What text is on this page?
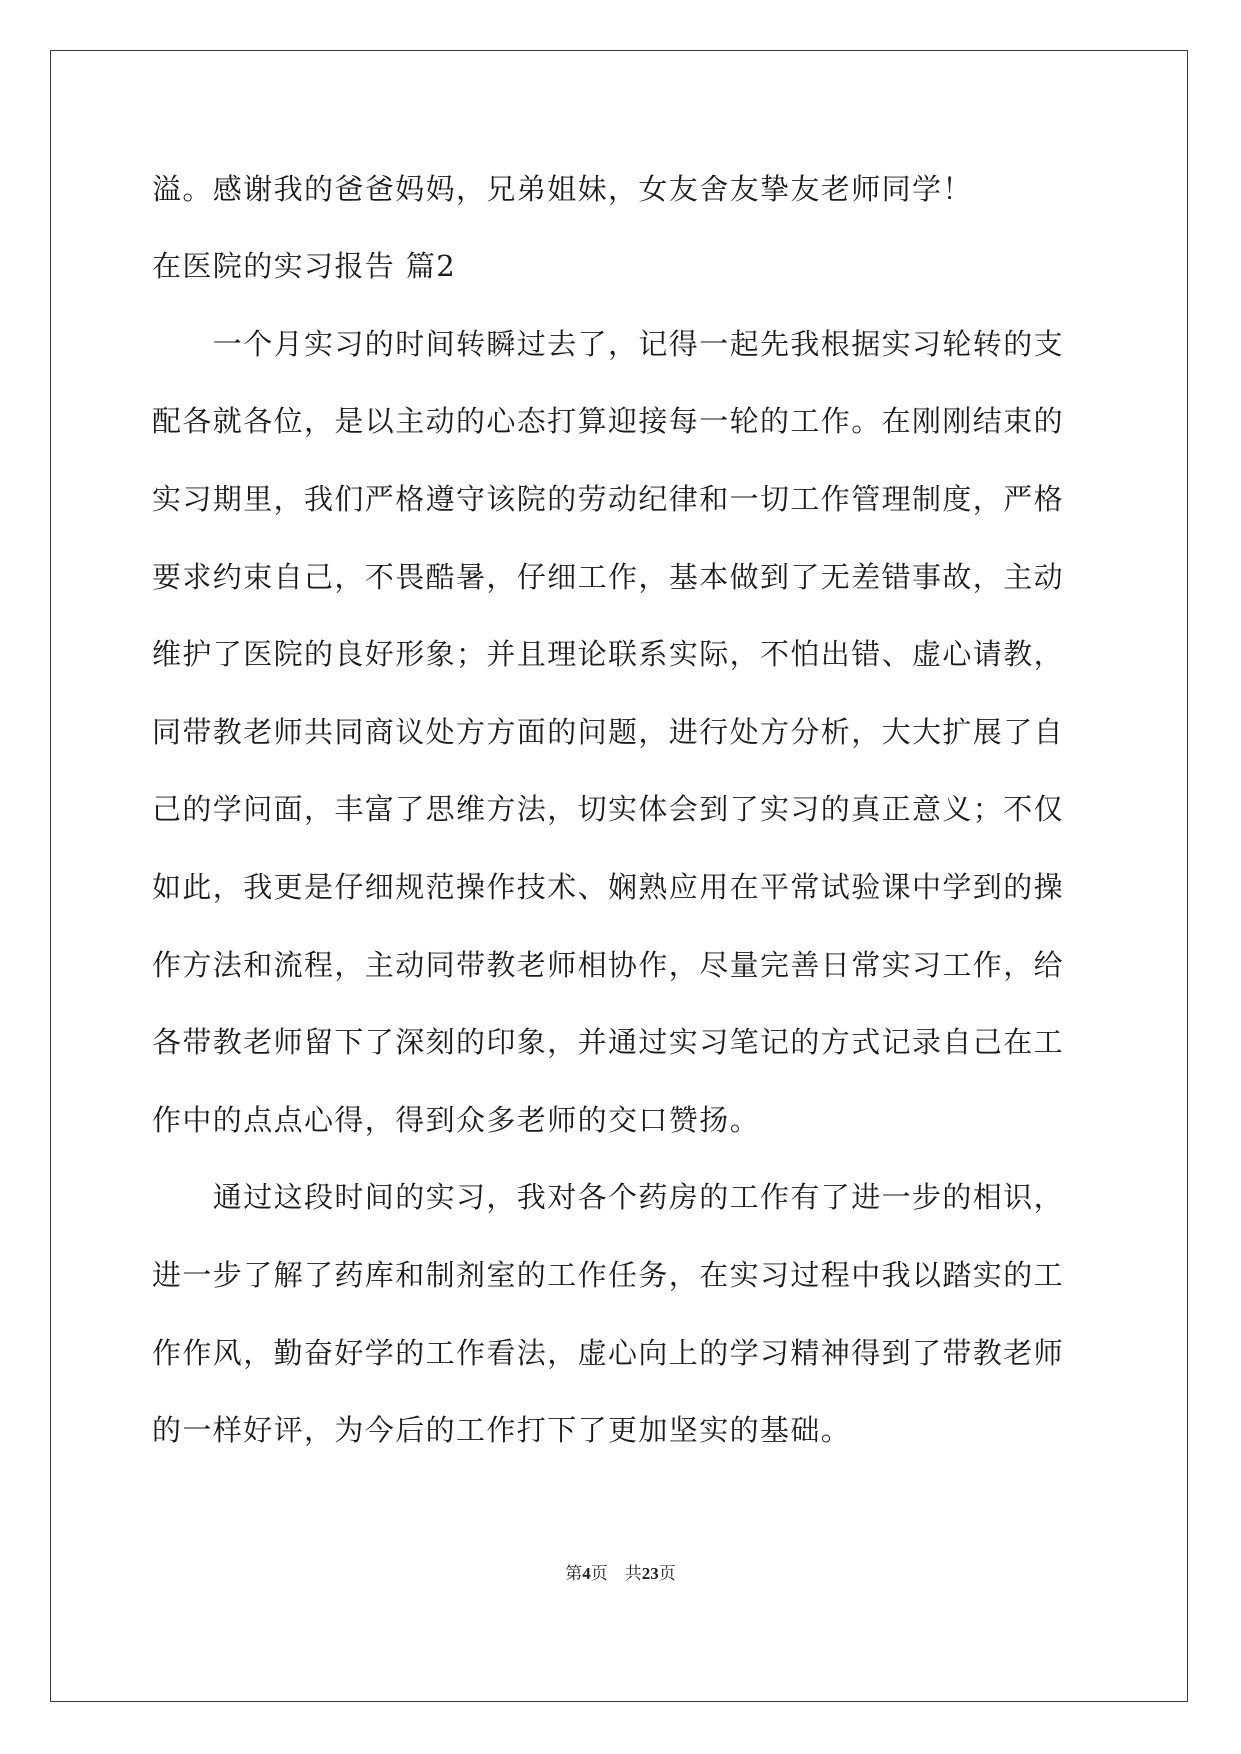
溢。感谢我的爸爸妈妈，兄弟姐妹，女友舍友挚友老师同学！
在医院的实习报告 篇2
　　一个月实习的时间转瞬过去了，记得一起先我根据实习轮转的支
配各就各位，是以主动的心态打算迎接每一轮的工作。在刚刚结束的
实习期里，我们严格遵守该院的劳动纪律和一切工作管理制度，严格
要求约束自己，不畏酷暑，仔细工作，基本做到了无差错事故，主动
维护了医院的良好形象；并且理论联系实际，不怕出错、虚心请教，
同带教老师共同商议处方方面的问题，进行处方分析，大大扩展了自
己的学问面，丰富了思维方法，切实体会到了实习的真正意义；不仅
如此，我更是仔细规范操作技术、娴熟应用在平常试验课中学到的操
作方法和流程，主动同带教老师相协作，尽量完善日常实习工作，给
各带教老师留下了深刻的印象，并通过实习笔记的方式记录自己在工
作中的点点心得，得到众多老师的交口赞扬。
　　通过这段时间的实习，我对各个药房的工作有了进一步的相识，
进一步了解了药库和制剂室的工作任务，在实习过程中我以踏实的工
作作风，勤奋好学的工作看法，虚心向上的学习精神得到了带教老师
的一样好评，为今后的工作打下了更加坚实的基础。
第4页　共23页
